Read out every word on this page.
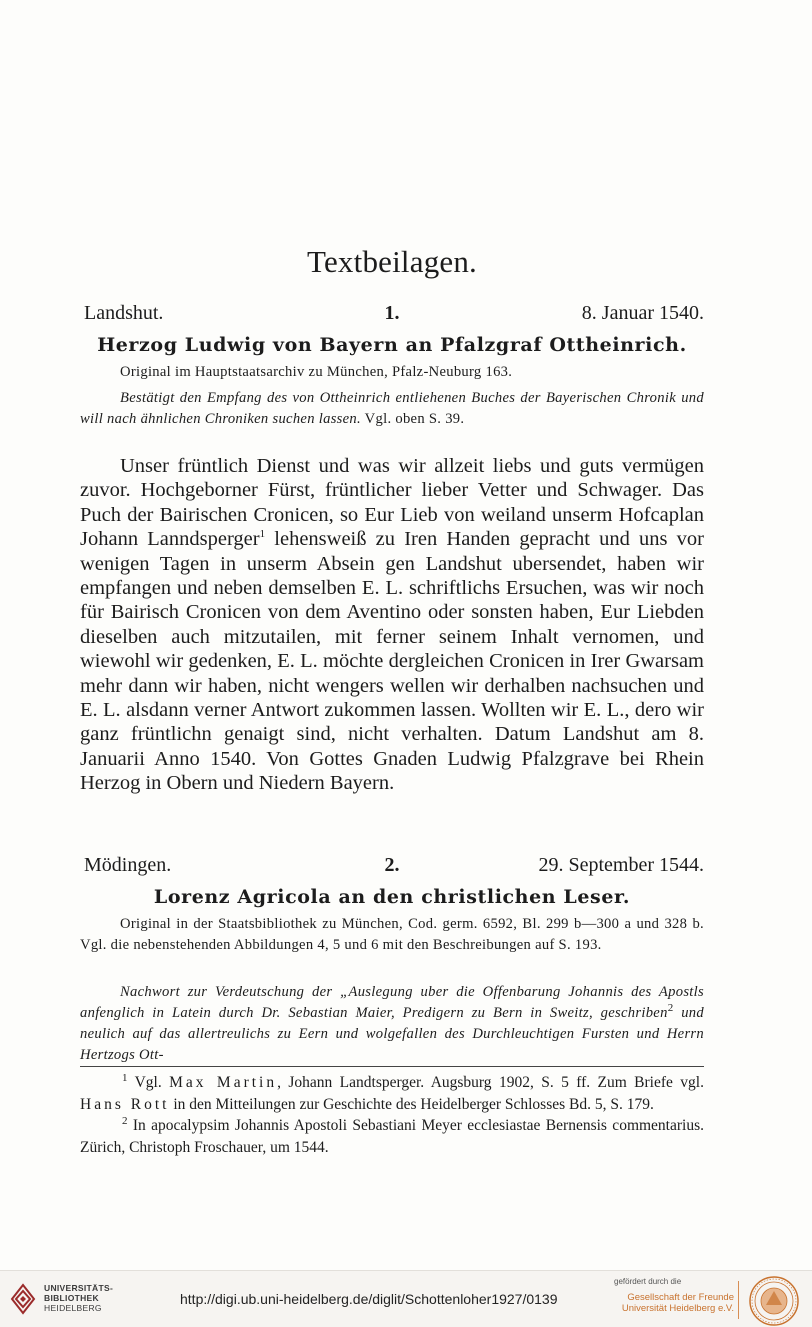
Textbeilagen.
Landshut.	1.	8. Januar 1540.
Herzog Ludwig von Bayern an Pfalzgraf Ottheinrich.
Original im Hauptstaatsarchiv zu München, Pfalz-Neuburg 163.
Bestätigt den Empfang des von Ottheinrich entliehenen Buches der Bayerischen Chronik und will nach ähnlichen Chroniken suchen lassen. Vgl. oben S. 39.
Unser früntlich Dienst und was wir allzeit liebs und guts vermügen zuvor. Hochgeborner Fürst, früntlicher lieber Vetter und Schwager. Das Puch der Bairischen Cronicen, so Eur Lieb von weiland unserm Hofcaplan Johann Lanndsperger$^1$ lehensweiß zu Iren Handen gepracht und uns vor wenigen Tagen in unserm Absein gen Landshut ubersendet, haben wir empfangen und neben demselben E. L. schriftlichs Ersuchen, was wir noch für Bairisch Cronicen von dem Aventino oder sonsten haben, Eur Liebden dieselben auch mitzutailen, mit ferner seinem Inhalt vernomen, und wiewohl wir gedenken, E. L. möchte dergleichen Cronicen in Irer Gwarsam mehr dann wir haben, nicht wengers wellen wir derhalben nachsuchen und E. L. alsdann verner Antwort zukommen lassen. Wollten wir E. L., dero wir ganz früntlichn genaigt sind, nicht verhalten. Datum Landshut am 8. Januarii Anno 1540. Von Gottes Gnaden Ludwig Pfalzgrave bei Rhein Herzog in Obern und Niedern Bayern.
Mödingen.	2.	29. September 1544.
Lorenz Agricola an den christlichen Leser.
Original in der Staatsbibliothek zu München, Cod. germ. 6592, Bl. 299 b—300 a und 328 b. Vgl. die nebenstehenden Abbildungen 4, 5 und 6 mit den Beschreibungen auf S. 193.
Nachwort zur Verdeutschung der „Auslegung uber die Offenbarung Johannis des Apostls anfenglich in Latein durch Dr. Sebastian Maier, Predigern zu Bern in Sweitz, geschriben$^2$ und neulich auf das allertreulichs zu Eern und wolgefallen des Durchleuchtigen Fursten und Herrn Hertzogs Ott-

$^1$ Vgl. Max Martin, Johann Landtsperger. Augsburg 1902, S. 5 ff. Zum Briefe vgl. Hans Rott in den Mitteilungen zur Geschichte des Heidelberger Schlosses Bd. 5, S. 179.

$^2$ In apocalypsim Johannis Apostoli Sebastiani Meyer ecclesiastae Bernensis commentarius. Zürich, Christoph Froschauer, um 1544.

UNIVERSITÄTS-
BIBLIOTHEK
HEIDELBERG
http://digi.ub.uni-heidelberg.de/diglit/Schottenloher1927/0139
gefördert durch die
Gesellschaft der Freunde
Universität Heidelberg e.V.
